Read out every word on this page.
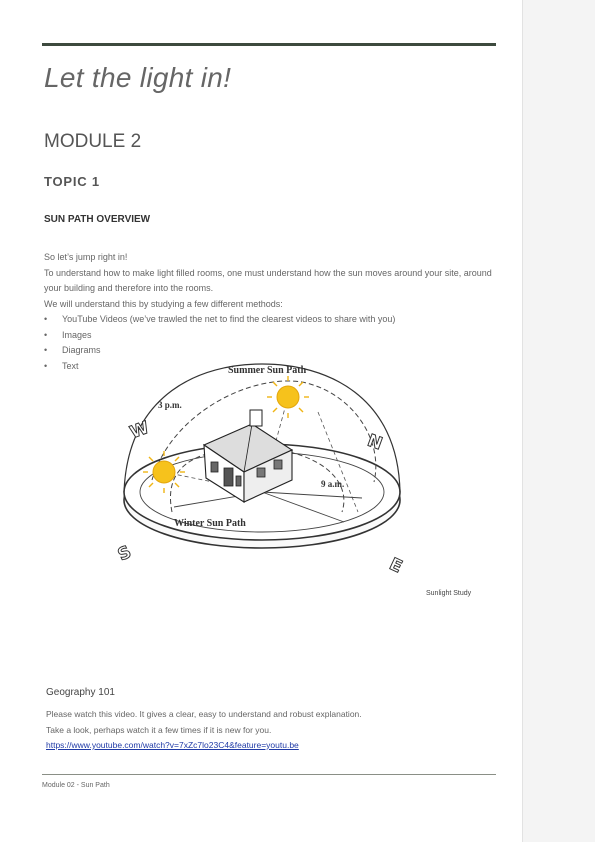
Let the light in!
MODULE 2
TOPIC 1
SUN PATH OVERVIEW

So let’s jump right in!

To understand how to make light filled rooms, one must understand how the sun moves around your site, around your building and therefore into the rooms.

We will understand this by studying a few different methods:

• YouTube Videos (we’ve trawled the net to find the clearest videos to share with you)
• Images
• Diagrams
• Text	Summer Sun Path
3 p.m.
9 a.m.
Winter Sun Path
W	N
S
E
Sunlight Study
Geography 101

Please watch this video. It gives a clear, easy to understand and robust explanation.

Take a look, perhaps watch it a few times if it is new for you.

https://www.youtube.com/watch?v=7xZc7lo23C4&feature=youtu.be

Module 02 - Sun Path
